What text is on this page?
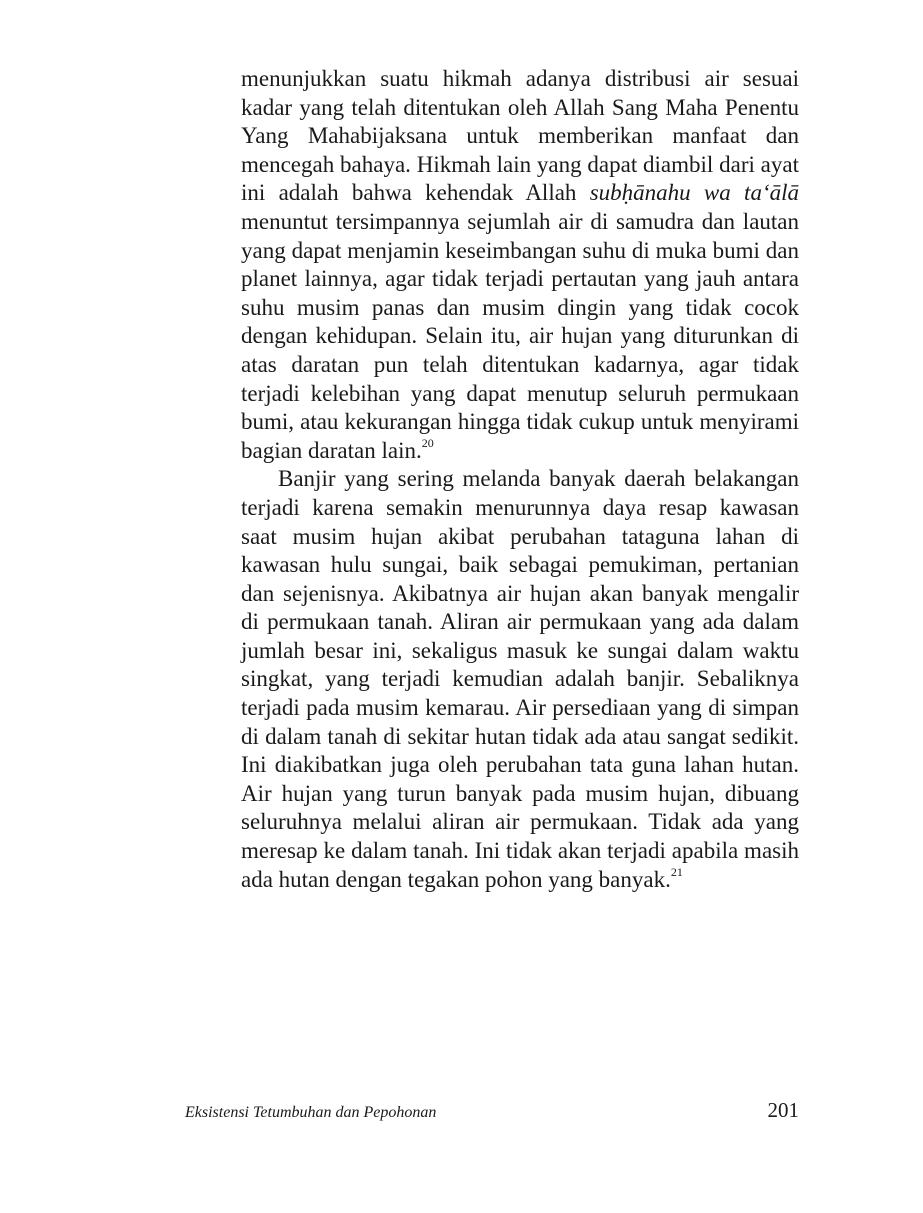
menunjukkan suatu hikmah adanya distribusi air sesuai kadar yang telah ditentukan oleh Allah Sang Maha Penentu Yang Mahabijaksana untuk memberikan manfaat dan mencegah bahaya. Hikmah lain yang dapat diambil dari ayat ini adalah bahwa kehendak Allah subḥānahu wa ta‘ālā menuntut tersimpannya sejumlah air di samudra dan lautan yang dapat menjamin keseimbangan suhu di muka bumi dan planet lainnya, agar tidak terjadi pertautan yang jauh antara suhu musim panas dan musim dingin yang tidak cocok dengan kehidupan. Selain itu, air hujan yang diturunkan di atas daratan pun telah ditentukan kadarnya, agar tidak terjadi kelebihan yang dapat menutup seluruh permukaan bumi, atau kekurangan hingga tidak cukup untuk menyirami bagian daratan lain.$^{20}$

Banjir yang sering melanda banyak daerah belakangan terjadi karena semakin menurunnya daya resap kawasan saat musim hujan akibat perubahan tataguna lahan di kawasan hulu sungai, baik sebagai pemukiman, pertanian dan sejenisnya. Akibatnya air hujan akan banyak mengalir di permukaan tanah. Aliran air permukaan yang ada dalam jumlah besar ini, sekaligus masuk ke sungai dalam waktu singkat, yang terjadi kemudian adalah banjir. Sebaliknya terjadi pada musim kemarau. Air persediaan yang di simpan di dalam tanah di sekitar hutan tidak ada atau sangat sedikit. Ini diakibatkan juga oleh perubahan tata guna lahan hutan. Air hujan yang turun banyak pada musim hujan, dibuang seluruhnya melalui aliran air permukaan. Tidak ada yang meresap ke dalam tanah. Ini tidak akan terjadi apabila masih ada hutan dengan tegakan pohon yang banyak.$^{21}$

Eksistensi Tetumbuhan dan Pepohonan	201
